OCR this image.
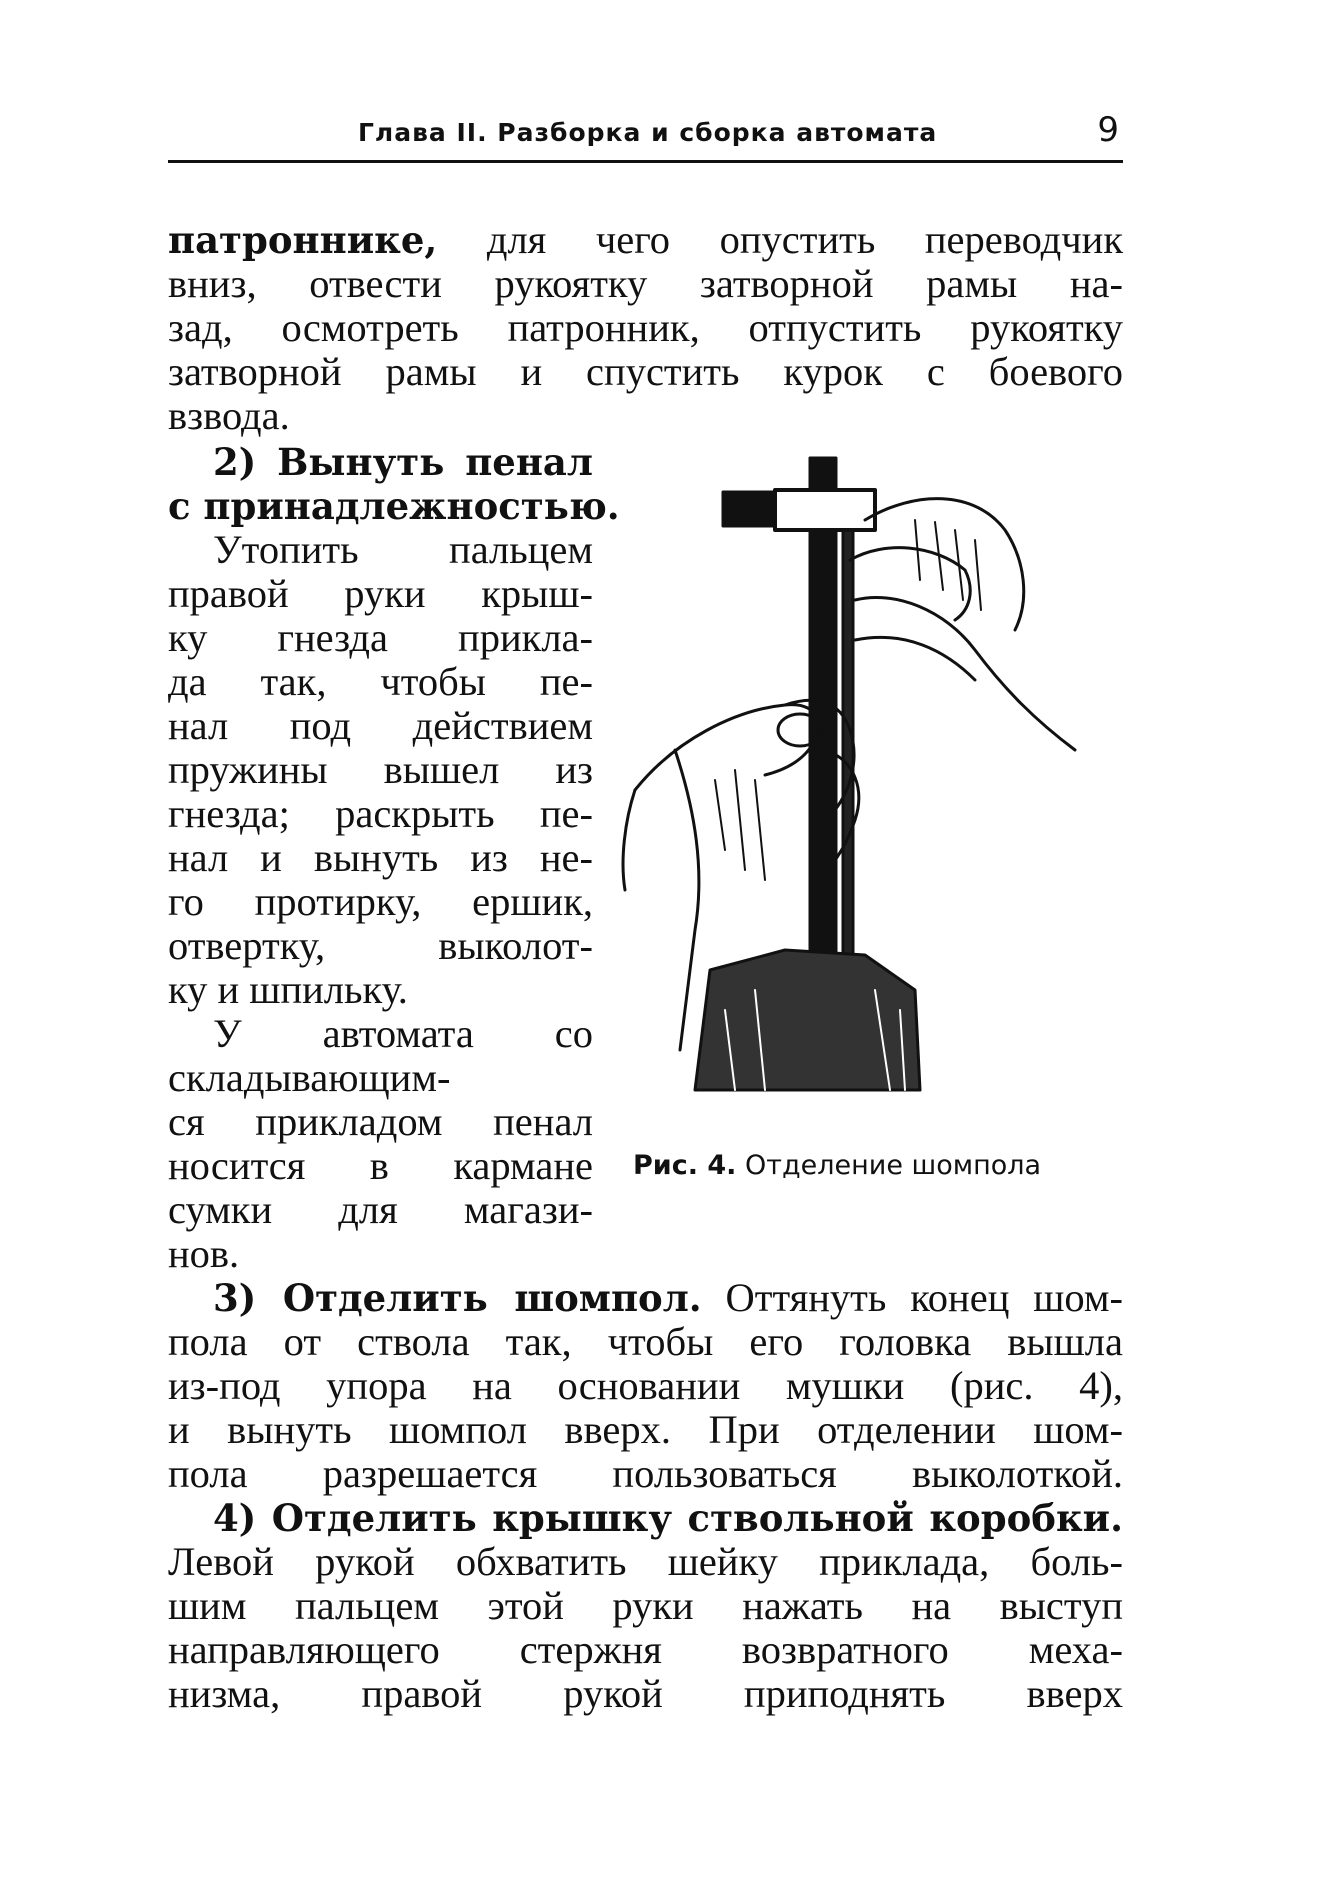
Глава II. Разборка и сборка автомата	9
патроннике, для чего опустить переводчик
вниз, отвести рукоятку затворной рамы на-
зад, осмотреть патронник, отпустить рукоятку
затворной рамы и спустить курок с боевого
взвода.
2) Вынуть пенал
с принадлежностью.
Утопить пальцем
правой руки крыш-
ку гнезда прикла-
да так, чтобы пе-
нал под действием
пружины вышел из
гнезда; раскрыть пе-
нал и вынуть из не-
го протирку, ершик,
отвертку, выколот-
ку и шпильку.
У автомата со
складывающим-
ся прикладом пенал
носится в кармане
сумки для магази-
нов.
3) Отделить шомпол. Оттянуть конец шом-
пола от ствола так, чтобы его головка вышла
из-под упора на основании мушки (рис. 4),
и вынуть шомпол вверх. При отделении шом-
пола разрешается пользоваться выколоткой.
4) Отделить крышку ствольной коробки.
Левой рукой обхватить шейку приклада, боль-
шим пальцем этой руки нажать на выступ
направляющего стержня возвратного меха-
низма, правой рукой приподнять вверх
Рис. 4. Отделение шомпола
